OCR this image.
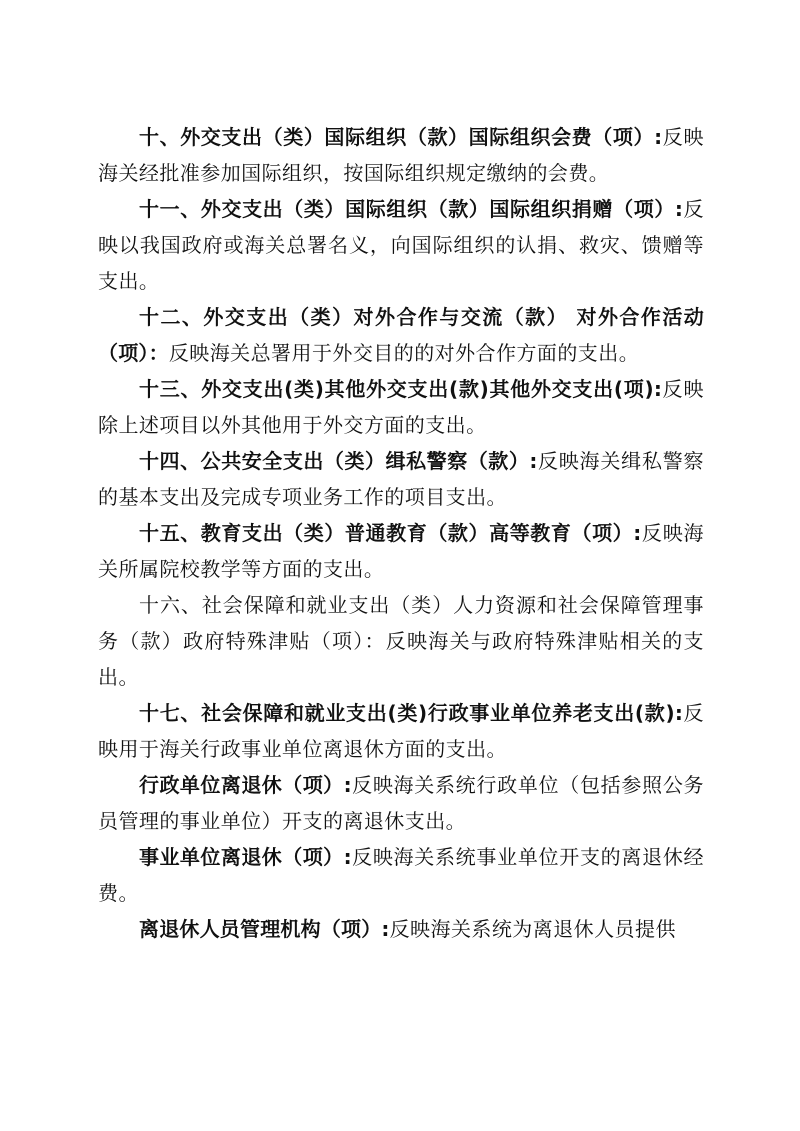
十、外交支出（类）国际组织（款）国际组织会费（项）:反映海关经批准参加国际组织，按国际组织规定缴纳的会费。

十一、外交支出（类）国际组织（款）国际组织捐赠（项）:反映以我国政府或海关总署名义，向国际组织的认捐、救灾、馈赠等支出。

十二、外交支出（类）对外合作与交流（款） 对外合作活动（项）：反映海关总署用于外交目的的对外合作方面的支出。

十三、外交支出(类)其他外交支出(款)其他外交支出(项):反映除上述项目以外其他用于外交方面的支出。

十四、公共安全支出（类）缉私警察（款）:反映海关缉私警察的基本支出及完成专项业务工作的项目支出。

十五、教育支出（类）普通教育（款）高等教育（项）:反映海关所属院校教学等方面的支出。

十六、社会保障和就业支出（类）人力资源和社会保障管理事务（款）政府特殊津贴（项）：反映海关与政府特殊津贴相关的支出。

十七、社会保障和就业支出(类)行政事业单位养老支出(款):反映用于海关行政事业单位离退休方面的支出。

行政单位离退休（项）:反映海关系统行政单位（包括参照公务员管理的事业单位）开支的离退休支出。

事业单位离退休（项）:反映海关系统事业单位开支的离退休经费。

离退休人员管理机构（项）:反映海关系统为离退休人员提供
